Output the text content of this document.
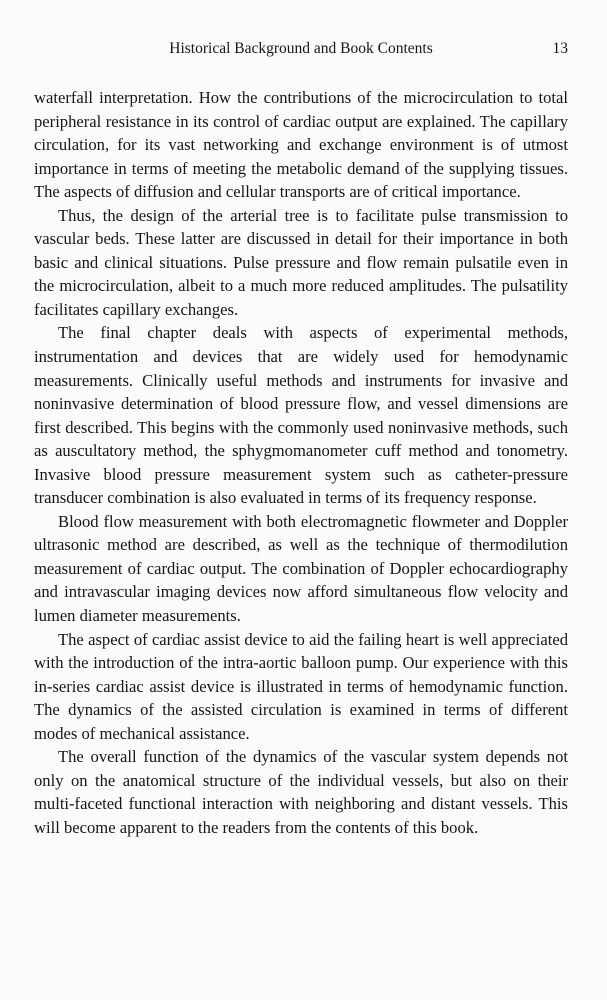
Historical Background and Book Contents	13

waterfall interpretation. How the contributions of the microcirculation to total peripheral resistance in its control of cardiac output are explained. The capillary circulation, for its vast networking and exchange environment is of utmost importance in terms of meeting the metabolic demand of the supplying tissues. The aspects of diffusion and cellular transports are of critical importance.

Thus, the design of the arterial tree is to facilitate pulse transmission to vascular beds. These latter are discussed in detail for their importance in both basic and clinical situations. Pulse pressure and flow remain pulsatile even in the microcirculation, albeit to a much more reduced amplitudes. The pulsatility facilitates capillary exchanges.

The final chapter deals with aspects of experimental methods, instrumentation and devices that are widely used for hemodynamic measurements. Clinically useful methods and instruments for invasive and noninvasive determination of blood pressure flow, and vessel dimensions are first described. This begins with the commonly used noninvasive methods, such as auscultatory method, the sphygmomanometer cuff method and tonometry. Invasive blood pressure measurement system such as catheter-pressure transducer combination is also evaluated in terms of its frequency response.

Blood flow measurement with both electromagnetic flowmeter and Doppler ultrasonic method are described, as well as the technique of thermodilution measurement of cardiac output. The combination of Doppler echocardiography and intravascular imaging devices now afford simultaneous flow velocity and lumen diameter measurements.

The aspect of cardiac assist device to aid the failing heart is well appreciated with the introduction of the intra-aortic balloon pump. Our experience with this in-series cardiac assist device is illustrated in terms of hemodynamic function. The dynamics of the assisted circulation is examined in terms of different modes of mechanical assistance.

The overall function of the dynamics of the vascular system depends not only on the anatomical structure of the individual vessels, but also on their multi-faceted functional interaction with neighboring and distant vessels. This will become apparent to the readers from the contents of this book.
